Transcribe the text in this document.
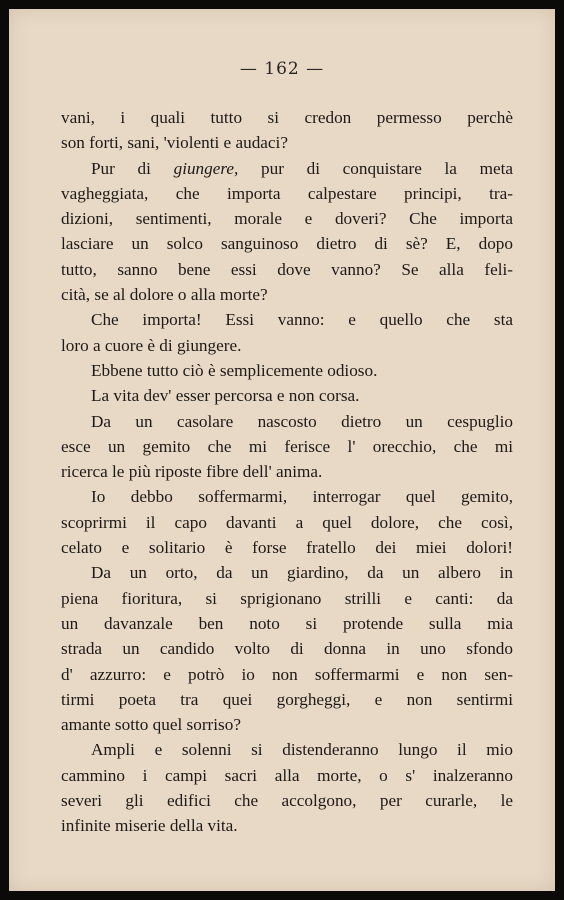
— 162 —
vani, i quali tutto si credon permesso perchè
son forti, sani, 'violenti e audaci?
Pur di giungere, pur di conquistare la meta
vagheggiata, che importa calpestare principi, tra-
dizioni, sentimenti, morale e doveri? Che importa
lasciare un solco sanguinoso dietro di sè? E, dopo
tutto, sanno bene essi dove vanno? Se alla feli-
cità, se al dolore o alla morte?
Che importa! Essi vanno: e quello che sta
loro a cuore è di giungere.
Ebbene tutto ciò è semplicemente odioso.
La vita dev' esser percorsa e non corsa.
Da un casolare nascosto dietro un cespuglio
esce un gemito che mi ferisce l' orecchio, che mi
ricerca le più riposte fibre dell' anima.
Io debbo soffermarmi, interrogar quel gemito,
scoprirmi il capo davanti a quel dolore, che così,
celato e solitario è forse fratello dei miei dolori!
Da un orto, da un giardino, da un albero in
piena fioritura, si sprigionano strilli e canti: da
un davanzale ben noto si protende sulla mia
strada un candido volto di donna in uno sfondo
d' azzurro: e potrò io non soffermarmi e non sen-
tirmi poeta tra quei gorgheggi, e non sentirmi
amante sotto quel sorriso?
Ampli e solenni si distenderanno lungo il mio
cammino i campi sacri alla morte, o s' inalzeranno
severi gli edifici che accolgono, per curarle, le
infinite miserie della vita.
